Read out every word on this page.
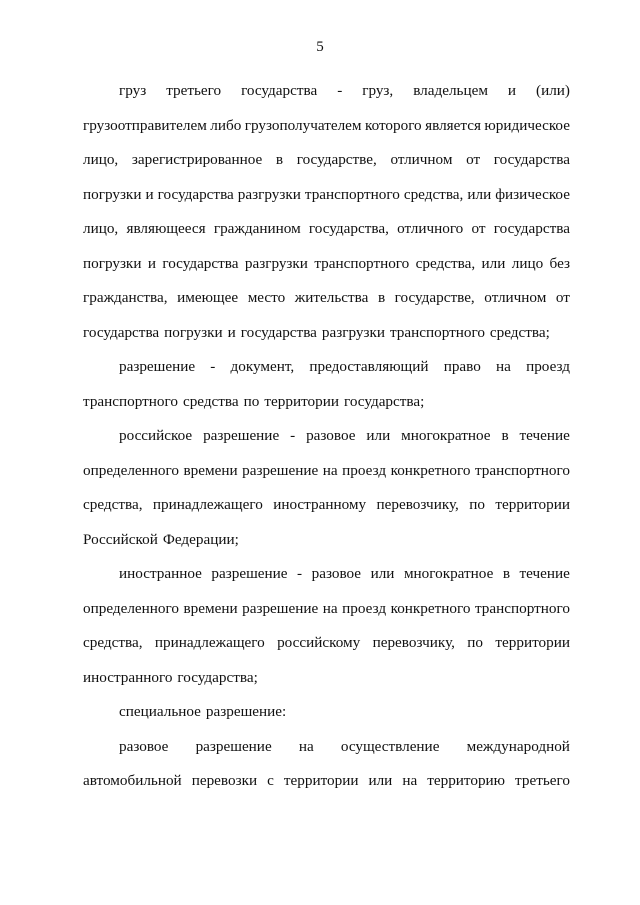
5
груз третьего государства - груз, владельцем и (или)
грузоотправителем либо грузополучателем которого является юридическое
лицо, зарегистрированное в государстве, отличном от государства
погрузки и государства разгрузки транспортного средства, или физическое
лицо, являющееся гражданином государства, отличного от государства
погрузки и государства разгрузки транспортного средства, или лицо без
гражданства, имеющее место жительства в государстве, отличном от
государства погрузки и государства разгрузки транспортного средства;
разрешение - документ, предоставляющий право на проезд
транспортного средства по территории государства;
российское разрешение - разовое или многократное в течение
определенного времени разрешение на проезд конкретного транспортного
средства, принадлежащего иностранному перевозчику, по территории
Российской Федерации;
иностранное разрешение - разовое или многократное в течение
определенного времени разрешение на проезд конкретного транспортного
средства, принадлежащего российскому перевозчику, по территории
иностранного государства;
специальное разрешение:
разовое разрешение на осуществление международной
автомобильной перевозки с территории или на территорию третьего
